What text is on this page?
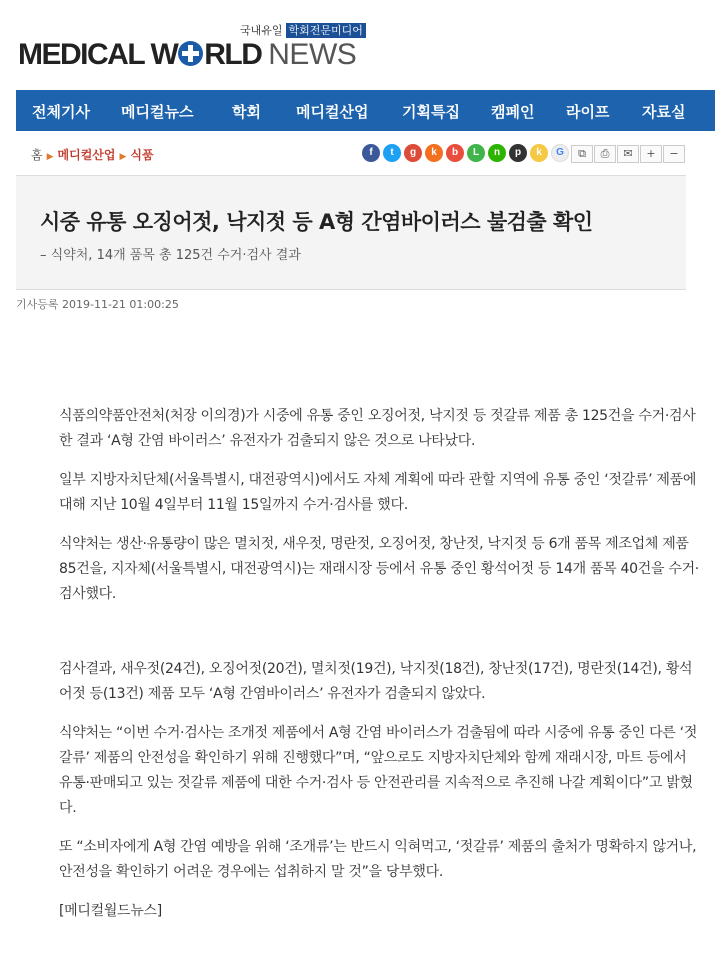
국내유일 학회전문미디어
MEDICAL W RLD NEWS
전체기사 메디컬뉴스	학회 메디컬산업 기획특집 캠페인 라이프 자료실
홈 ▶ 메디컬산업 ▶ 식품	f	t	g	k	b	L	n	p	k	G	⧉	⎙	✉	+	−
시중 유통 오징어젓, 낙지젓 등 A형 간염바이러스 불검출 확인
– 식약처, 14개 품목 총 125건 수거·검사 결과
기사등록 2019-11-21 01:00:25

식품의약품안전처(처장 이의경)가 시중에 유통 중인 오징어젓, 낙지젓 등 젓갈류 제품 총 125건을 수거·검사한 결과 ‘A형 간염 바이러스’ 유전자가 검출되지 않은 것으로 나타났다.

일부 지방자치단체(서울특별시, 대전광역시)에서도 자체 계획에 따라 관할 지역에 유통 중인 ‘젓갈류’ 제품에 대해 지난 10월 4일부터 11월 15일까지 수거·검사를 했다.

식약처는 생산·유통량이 많은 멸치젓, 새우젓, 명란젓, 오징어젓, 창난젓, 낙지젓 등 6개 품목 제조업체 제품 85건을, 지자체(서울특별시, 대전광역시)는 재래시장 등에서 유통 중인 황석어젓 등 14개 품목 40건을 수거·검사했다.

검사결과, 새우젓(24건), 오징어젓(20건), 멸치젓(19건), 낙지젓(18건), 창난젓(17건), 명란젓(14건), 황석어젓 등(13건) 제품 모두 ‘A형 간염바이러스’ 유전자가 검출되지 않았다.

식약처는 “이번 수거·검사는 조개젓 제품에서 A형 간염 바이러스가 검출됨에 따라 시중에 유통 중인 다른 ‘젓갈류’ 제품의 안전성을 확인하기 위해 진행했다”며, “앞으로도 지방자치단체와 함께 재래시장, 마트 등에서 유통·판매되고 있는 젓갈류 제품에 대한 수거·검사 등 안전관리를 지속적으로 추진해 나갈 계획이다”고 밝혔다.

또 “소비자에게 A형 간염 예방을 위해 ‘조개류’는 반드시 익혀먹고, ‘젓갈류’ 제품의 출처가 명확하지 않거나, 안전성을 확인하기 어려운 경우에는 섭취하지 말 것”을 당부했다.

[메디컬월드뉴스]
